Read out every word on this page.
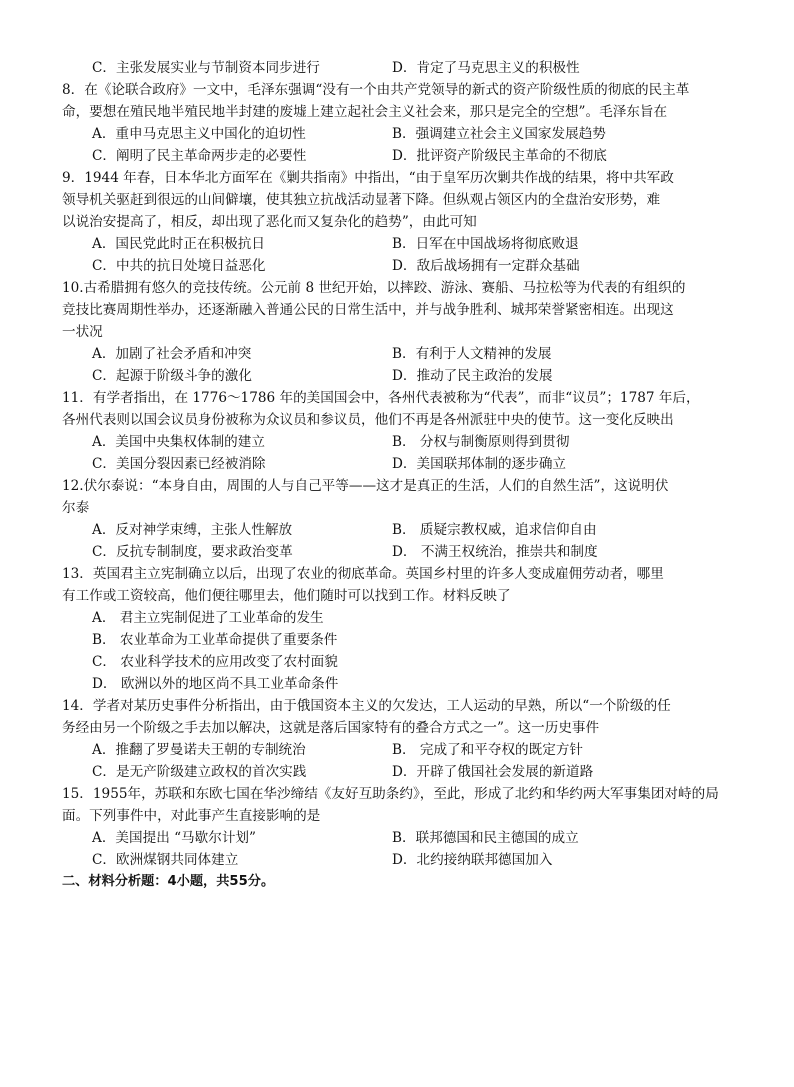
C．主张发展实业与节制资本同步进行	D．肯定了马克思主义的积极性
8．在《论联合政府》一文中，毛泽东强调“没有一个由共产党领导的新式的资产阶级性质的彻底的民主革
命，要想在殖民地半殖民地半封建的废墟上建立起社会主义社会来，那只是完全的空想”。毛泽东旨在
A．重申马克思主义中国化的迫切性	B．强调建立社会主义国家发展趋势
C．阐明了民主革命两步走的必要性	D．批评资产阶级民主革命的不彻底
9．1944 年春，日本华北方面军在《剿共指南》中指出，“由于皇军历次剿共作战的结果，将中共军政
领导机关驱赶到很远的山间僻壤，使其独立抗战活动显著下降。但纵观占领区内的全盘治安形势，难
以说治安提高了，相反，却出现了恶化而又复杂化的趋势”，由此可知
A．国民党此时正在积极抗日	B．日军在中国战场将彻底败退
C．中共的抗日处境日益恶化	D．敌后战场拥有一定群众基础
10.古希腊拥有悠久的竞技传统。公元前 8 世纪开始，以摔跤、游泳、赛船、马拉松等为代表的有组织的
竞技比赛周期性举办，还逐渐融入普通公民的日常生活中，并与战争胜利、城邦荣誉紧密相连。出现这
一状况
A．加剧了社会矛盾和冲突	B．有利于人文精神的发展
C．起源于阶级斗争的激化	D．推动了民主政治的发展
11．有学者指出，在 1776～1786 年的美国国会中，各州代表被称为“代表”，而非“议员”；1787 年后，
各州代表则以国会议员身份被称为众议员和参议员，他们不再是各州派驻中央的使节。这一变化反映出
A．美国中央集权体制的建立	B． 分权与制衡原则得到贯彻
C．美国分裂因素已经被消除	D．美国联邦体制的逐步确立
12.伏尔泰说：“本身自由，周围的人与自己平等——这才是真正的生活，人们的自然生活”，这说明伏
尔泰
A．反对神学束缚，主张人性解放	B． 质疑宗教权威，追求信仰自由
C．反抗专制制度，要求政治变革	D． 不满王权统治，推崇共和制度
13．英国君主立宪制确立以后，出现了农业的彻底革命。英国乡村里的许多人变成雇佣劳动者，哪里
有工作或工资较高，他们便往哪里去，他们随时可以找到工作。材料反映了
A． 君主立宪制促进了工业革命的发生
B． 农业革命为工业革命提供了重要条件
C． 农业科学技术的应用改变了农村面貌
D． 欧洲以外的地区尚不具工业革命条件
14．学者对某历史事件分析指出，由于俄国资本主义的欠发达，工人运动的早熟，所以“一个阶级的任
务经由另一个阶级之手去加以解决，这就是落后国家特有的叠合方式之一”。这一历史事件
A．推翻了罗曼诺夫王朝的专制统治	B． 完成了和平夺权的既定方针
C．是无产阶级建立政权的首次实践	D．开辟了俄国社会发展的新道路
15．1955年，苏联和东欧七国在华沙缔结《友好互助条约》，至此，形成了北约和华约两大军事集团对峙的局
面。下列事件中，对此事产生直接影响的是
A．美国提出 “马歇尔计划”	B．联邦德国和民主德国的成立
C．欧洲煤钢共同体建立	D．北约接纳联邦德国加入
二、材料分析题：4小题，共55分。
